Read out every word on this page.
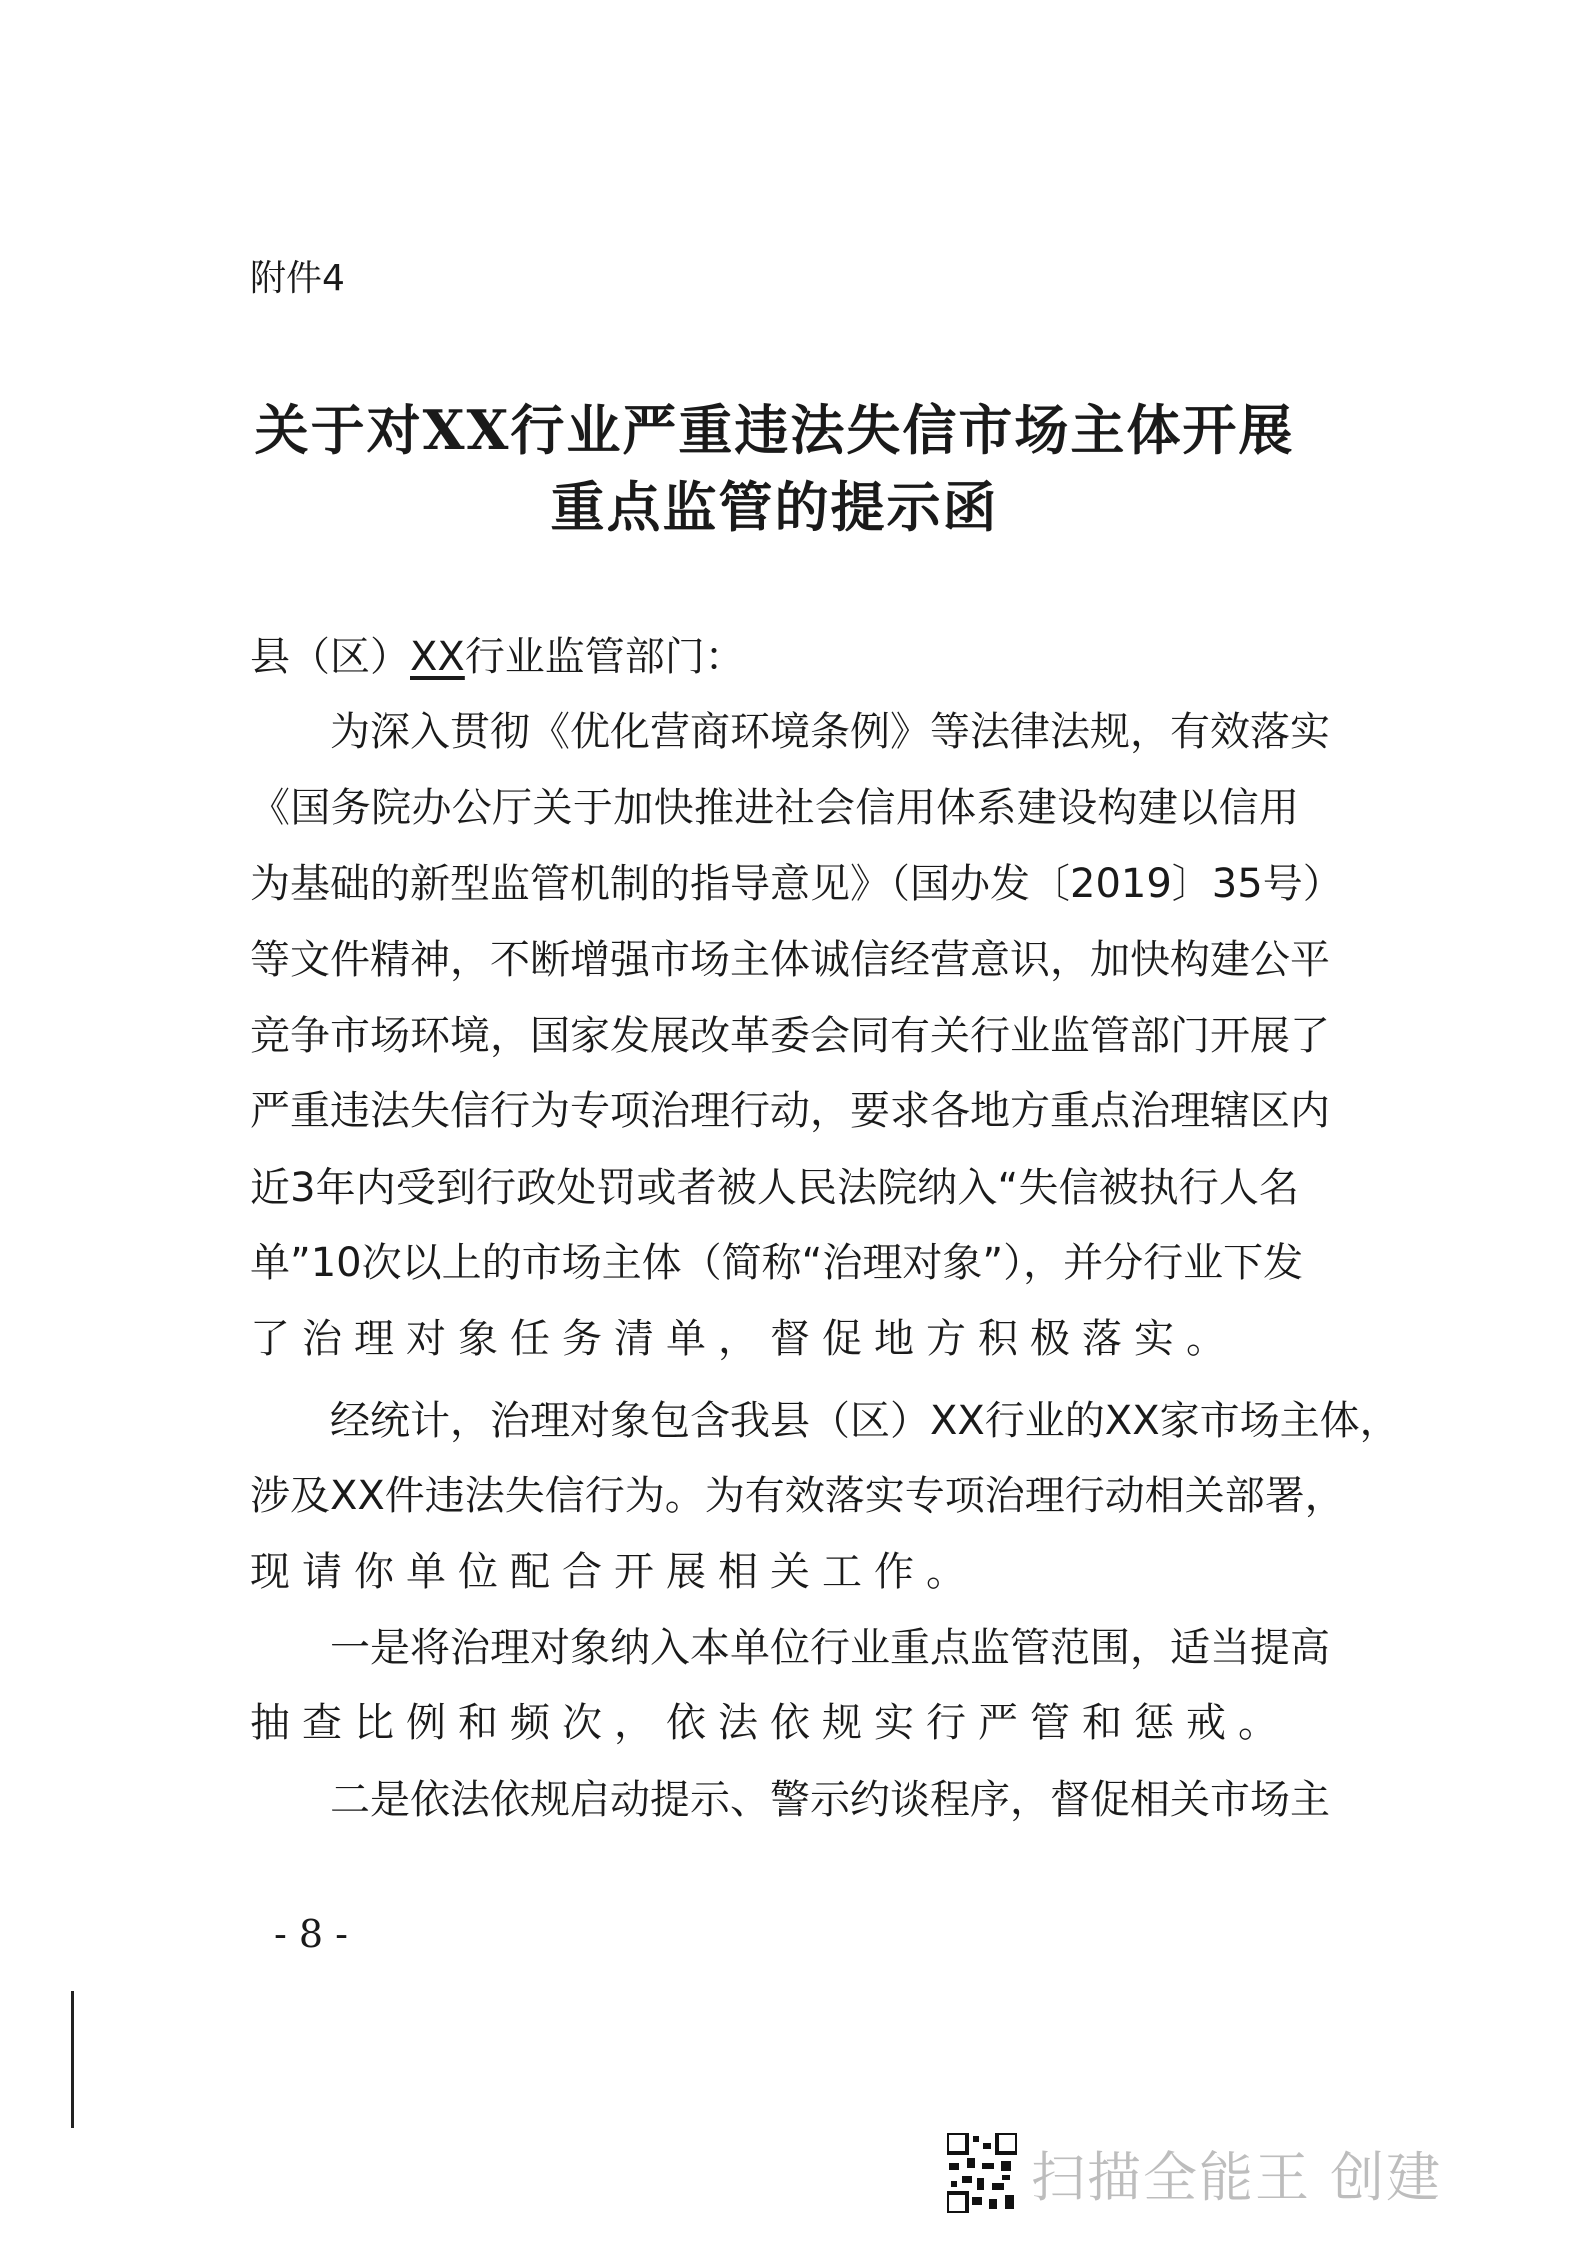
附件4
关于对XX行业严重违法失信市场主体开展
重点监管的提示函
县（区）XX行业监管部门：
为深入贯彻《优化营商环境条例》等法律法规，有效落实
《国务院办公厅关于加快推进社会信用体系建设构建以信用
为基础的新型监管机制的指导意见》（国办发〔2019〕35号）
等文件精神，不断增强市场主体诚信经营意识，加快构建公平
竞争市场环境，国家发展改革委会同有关行业监管部门开展了
严重违法失信行为专项治理行动，要求各地方重点治理辖区内
近3年内受到行政处罚或者被人民法院纳入“失信被执行人名
单”10次以上的市场主体（简称“治理对象”），并分行业下发
了治理对象任务清单，督促地方积极落实。
经统计，治理对象包含我县（区）XX行业的XX家市场主体，
涉及XX件违法失信行为。为有效落实专项治理行动相关部署，
现请你单位配合开展相关工作。
一是将治理对象纳入本单位行业重点监管范围，适当提高
抽查比例和频次，依法依规实行严管和惩戒。
二是依法依规启动提示、警示约谈程序，督促相关市场主
- 8 -
扫描全能王 创建
